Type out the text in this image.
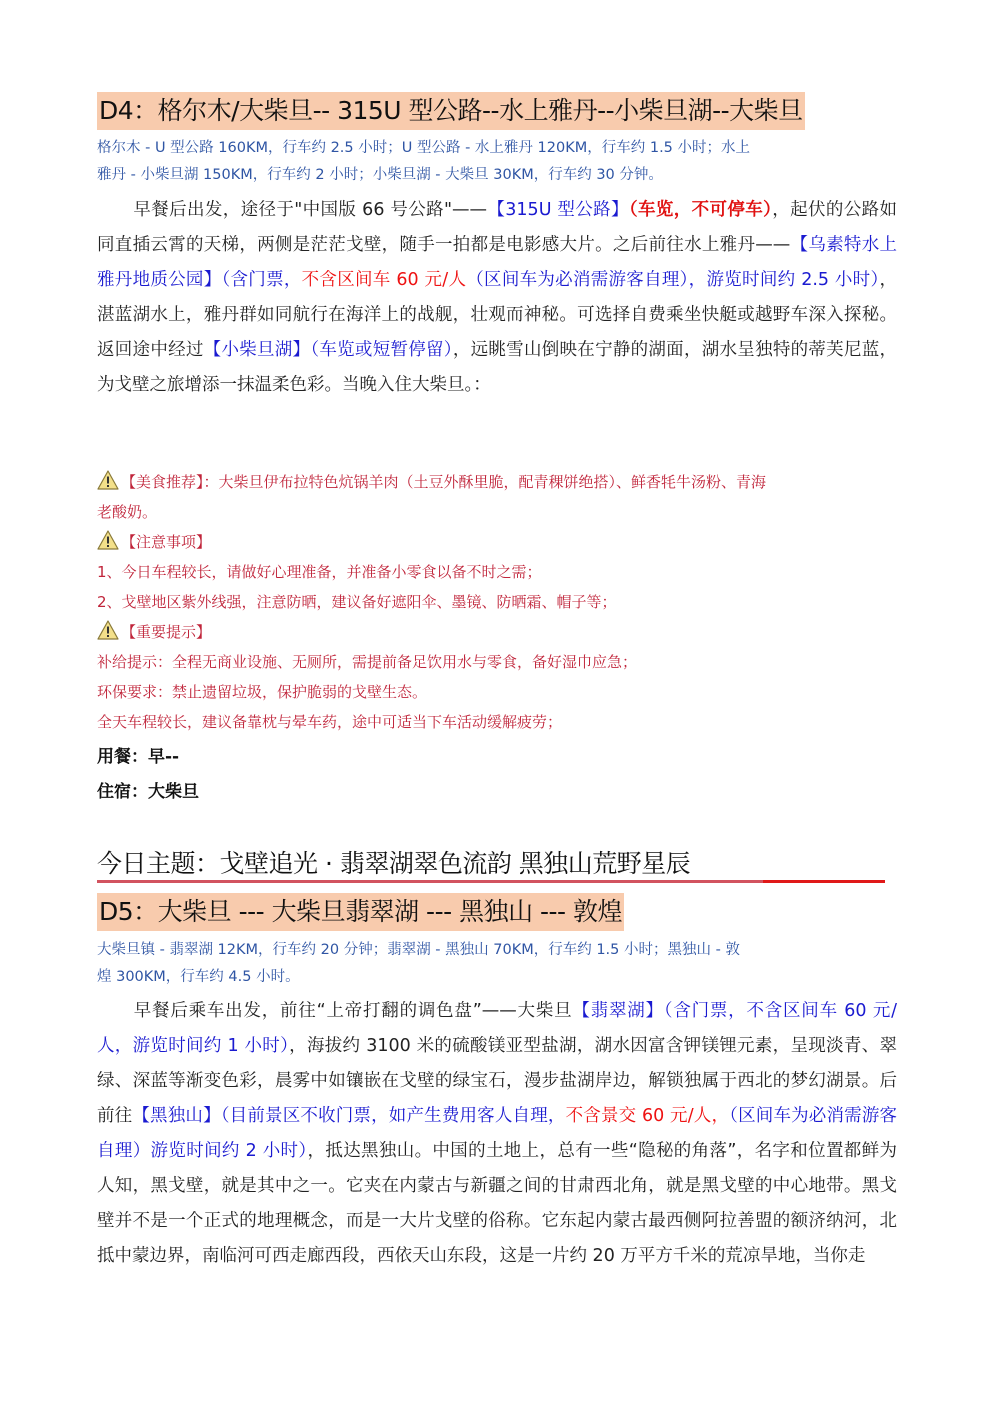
D4：格尔木/大柴旦-- 315U 型公路--水上雅丹--小柴旦湖--大柴旦
格尔木 - U 型公路 160KM，行车约 2.5 小时；U 型公路 - 水上雅丹 120KM，行车约 1.5 小时；水上
雅丹 - 小柴旦湖 150KM，行车约 2 小时；小柴旦湖 - 大柴旦 30KM，行车约 30 分钟。
早餐后出发，途径于"中国版 66 号公路"——【315U 型公路】（车览，不可停车），起伏的公路如同直插云霄的天梯，两侧是茫茫戈壁，随手一拍都是电影感大片。之后前往水上雅丹——【乌素特水上雅丹地质公园】（含门票，不含区间车 60 元/人（区间车为必消需游客自理），游览时间约 2.5 小时），湛蓝湖水上，雅丹群如同航行在海洋上的战舰，壮观而神秘。可选择自费乘坐快艇或越野车深入探秘。返回途中经过【小柴旦湖】（车览或短暂停留），远眺雪山倒映在宁静的湖面，湖水呈独特的蒂芙尼蓝，为戈壁之旅增添一抹温柔色彩。当晚入住大柴旦。：
【美食推荐】：大柴旦伊布拉特色炕锅羊肉（土豆外酥里脆，配青稞饼绝搭）、鲜香牦牛汤粉、青海
老酸奶。
【注意事项】
1、今日车程较长，请做好心理准备，并准备小零食以备不时之需；
2、戈壁地区紫外线强，注意防晒，建议备好遮阳伞、墨镜、防晒霜、帽子等；
【重要提示】
补给提示：全程无商业设施、无厕所，需提前备足饮用水与零食，备好湿巾应急；
环保要求：禁止遗留垃圾，保护脆弱的戈壁生态。
全天车程较长，建议备靠枕与晕车药，途中可适当下车活动缓解疲劳；
用餐：早--
住宿：大柴旦
今日主题：戈壁追光 · 翡翠湖翠色流韵 黑独山荒野星辰
D5：大柴旦 --- 大柴旦翡翠湖 --- 黑独山 --- 敦煌
大柴旦镇 - 翡翠湖 12KM，行车约 20 分钟；翡翠湖 - 黑独山 70KM，行车约 1.5 小时；黑独山 - 敦
煌 300KM，行车约 4.5 小时。
早餐后乘车出发，前往“上帝打翻的调色盘”——大柴旦【翡翠湖】（含门票，不含区间车 60 元/人，游览时间约 1 小时），海拔约 3100 米的硫酸镁亚型盐湖，湖水因富含钾镁锂元素，呈现淡青、翠绿、深蓝等渐变色彩，晨雾中如镶嵌在戈壁的绿宝石，漫步盐湖岸边，解锁独属于西北的梦幻湖景。后前往【黑独山】（目前景区不收门票，如产生费用客人自理，不含景交 60 元/人，（区间车为必消需游客自理）游览时间约 2 小时），抵达黑独山。中国的土地上，总有一些“隐秘的角落”，名字和位置都鲜为人知，黑戈壁，就是其中之一。它夹在内蒙古与新疆之间的甘肃西北角，就是黑戈壁的中心地带。黑戈壁并不是一个正式的地理概念，而是一大片戈壁的俗称。它东起内蒙古最西侧阿拉善盟的额济纳河，北抵中蒙边界，南临河可西走廊西段，西依天山东段，这是一片约 20 万平方千米的荒凉旱地，当你走
